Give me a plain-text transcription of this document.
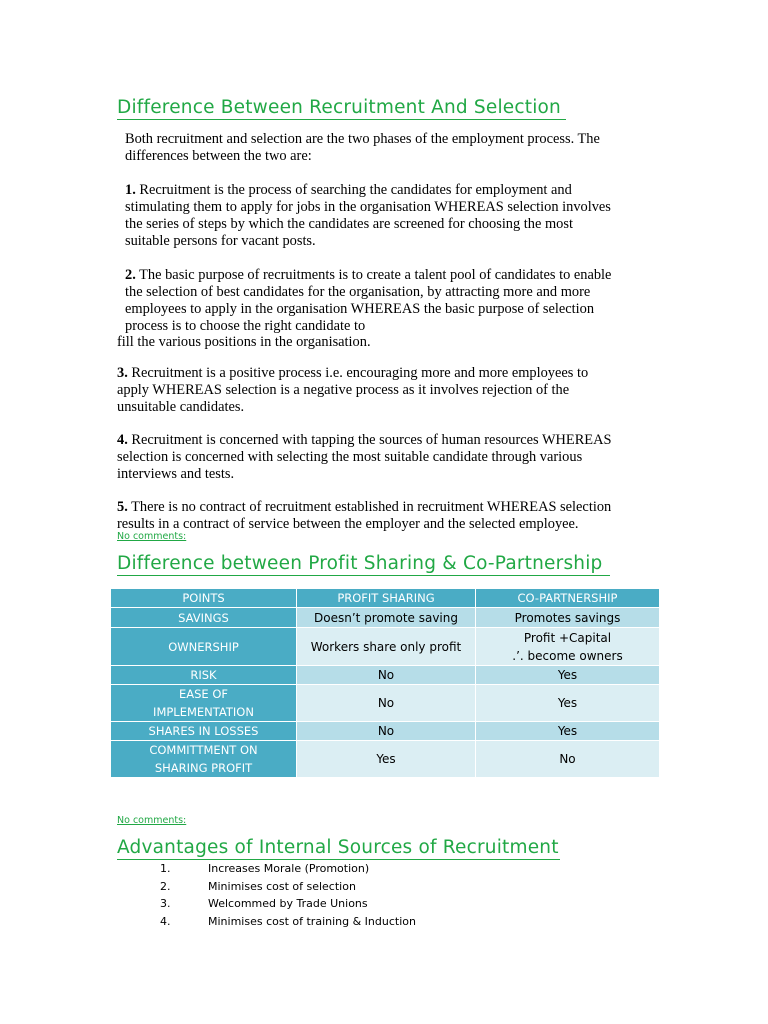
Difference Between Recruitment And Selection

Both recruitment and selection are the two phases of the employment process. The
differences between the two are:

1. Recruitment is the process of searching the candidates for employment and
stimulating them to apply for jobs in the organisation WHEREAS selection involves
the series of steps by which the candidates are screened for choosing the most
suitable persons for vacant posts.

2. The basic purpose of recruitments is to create a talent pool of candidates to enable
the selection of best candidates for the organisation, by attracting more and more
employees to apply in the organisation WHEREAS the basic purpose of selection
process is to choose the right candidate to

fill the various positions in the organisation.

3. Recruitment is a positive process i.e. encouraging more and more employees to
apply WHEREAS selection is a negative process as it involves rejection of the
unsuitable candidates.

4. Recruitment is concerned with tapping the sources of human resources WHEREAS
selection is concerned with selecting the most suitable candidate through various
interviews and tests.

5. There is no contract of recruitment established in recruitment WHEREAS selection
results in a contract of service between the employer and the selected employee.

No comments:
Difference between Profit Sharing & Co-Partnership
POINTS	PROFIT SHARING	CO-PARTNERSHIP

SAVINGS	Doesn’t promote saving	Promotes savings

OWNERSHIP	Workers share only profit	Profit +Capital
.’. become owners

RISK	No	Yes

EASE OF
IMPLEMENTATION	No	Yes

SHARES IN LOSSES	No	Yes

COMMITTMENT ON
SHARING PROFIT	Yes	No
No comments:
Advantages of Internal Sources of Recruitment
1.	Increases Morale (Promotion)
2.	Minimises cost of selection
3.	Welcommed by Trade Unions
4.	Minimises cost of training & Induction
